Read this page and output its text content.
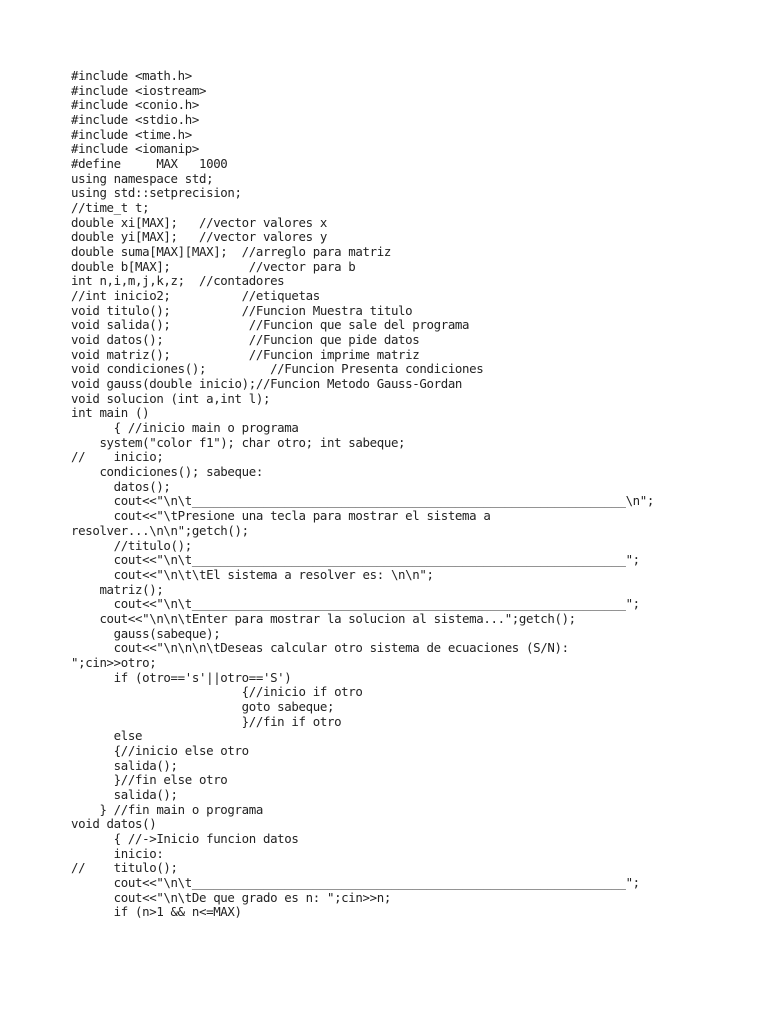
#include <math.h>
#include <iostream>
#include <conio.h>
#include <stdio.h>
#include <time.h>
#include <iomanip>
#define     MAX   1000
using namespace std;
using std::setprecision;
//time_t t;
double xi[MAX];   //vector valores x
double yi[MAX];   //vector valores y
double suma[MAX][MAX];  //arreglo para matriz
double b[MAX];           //vector para b
int n,i,m,j,k,z;  //contadores
//int inicio2;          //etiquetas
void titulo();          //Funcion Muestra titulo
void salida();           //Funcion que sale del programa
void datos();            //Funcion que pide datos
void matriz();           //Funcion imprime matriz
void condiciones();         //Funcion Presenta condiciones
void gauss(double inicio);//Funcion Metodo Gauss-Gordan
void solucion (int a,int l);
int main ()
{ //inicio main o programa
system("color f1"); char otro; int sabeque;
//    inicio;
condiciones(); sabeque:
datos();
cout<<"\n\t_____________________________________________________________\n";
cout<<"\tPresione una tecla para mostrar el sistema a
resolver...\n\n";getch();
//titulo();
cout<<"\n\t_____________________________________________________________";
cout<<"\n\t\tEl sistema a resolver es: \n\n";
matriz();
cout<<"\n\t_____________________________________________________________";
cout<<"\n\n\tEnter para mostrar la solucion al sistema...";getch();
gauss(sabeque);
cout<<"\n\n\n\tDeseas calcular otro sistema de ecuaciones (S/N):
";cin>>otro;
if (otro=='s'||otro=='S')
{//inicio if otro
goto sabeque;
}//fin if otro
else
{//inicio else otro
salida();
}//fin else otro
salida();
} //fin main o programa
void datos()
{ //->Inicio funcion datos
inicio:
//    titulo();
cout<<"\n\t_____________________________________________________________";
cout<<"\n\tDe que grado es n: ";cin>>n;
if (n>1 && n<=MAX)
